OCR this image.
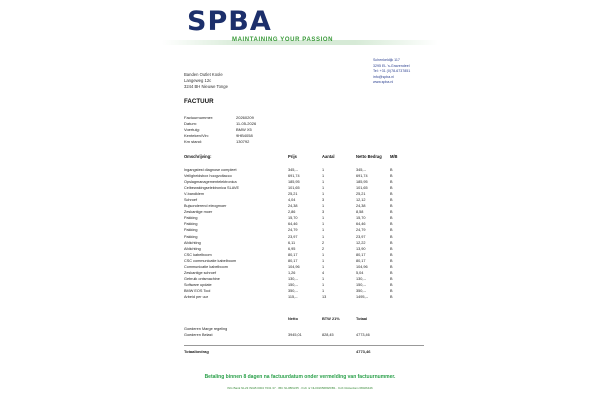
SPBA
MAINTAINING YOUR PASSION
Schenkeldijk 117
3295 EL 's-Gravendeel
Tel: +31 (0)78-6737851
info@spba.nl
www.spba.nl
Banden Outlet Koole
Langeweg 12c
3244 BH Nieuwe Tonge
FACTUUR
Factuurnummer:	20260209
Datum:	11-05-2026
Voertuig:	BMW X5
Kenteken/Vin:	9HB4058
Km stand:	130792
Omschrijving:	Prijs	Aantal	Netto Bedrag M/B
Ingangstest diagnose compleet	345,--	1	345,--	B
Veiligheidsbox hoogvoltacco	691,74	1	691,74	B
Opslagmanagementelektronica	185,95	1	185,95	B
Celbewakingselektronica SLAVE	101,65	1	101,65	B
V-bandklem	25,21	1	25,21	B
Schroef	4,04	3	12,12	B
Bujsonderend eleogmoer	24,38	1	24,38	B
Zeskantige moer	2,86	3	8,58	B
Pakking	15,70	1	15,70	B
Pakking	64,46	1	64,46	B
Pakking	24,79	1	24,79	B
Pakking	23,97	1	23,97	B
Afdichting	6,11	2	12,22	B
Afdichting	6,95	2	13,90	B
CSC kabelboom	80,17	1	80,17	B
CSC communicatie kabelboom	80,17	1	80,17	B
Communicatie kabelboom	104,96	1	104,96	B
Zeskantige schroef	1,26	4	5,04	B
Gebruik ontsmachine	130,--	1	130,--	B
Software update	150,--	1	150,--	B
BMW EOS Tool	350,--	1	350,--	B
Arbeid per uur	115,--	13	1495,--	B
Netto	BTW 21%	Totaal
Goederen Marge regeling
Goederen Belast	3945,01	828,45	4773,46
Betaling binnen 8 dagen na factuurdatum onder vermelding van factuurnummer.
ING Bank NL23 INGB 0004 7031 37 · IBC NL0BNL55 · KvK nr NL00165689/0/B1 · KvK Rotterdam 68026446
Totaalbedrag	4773,46
